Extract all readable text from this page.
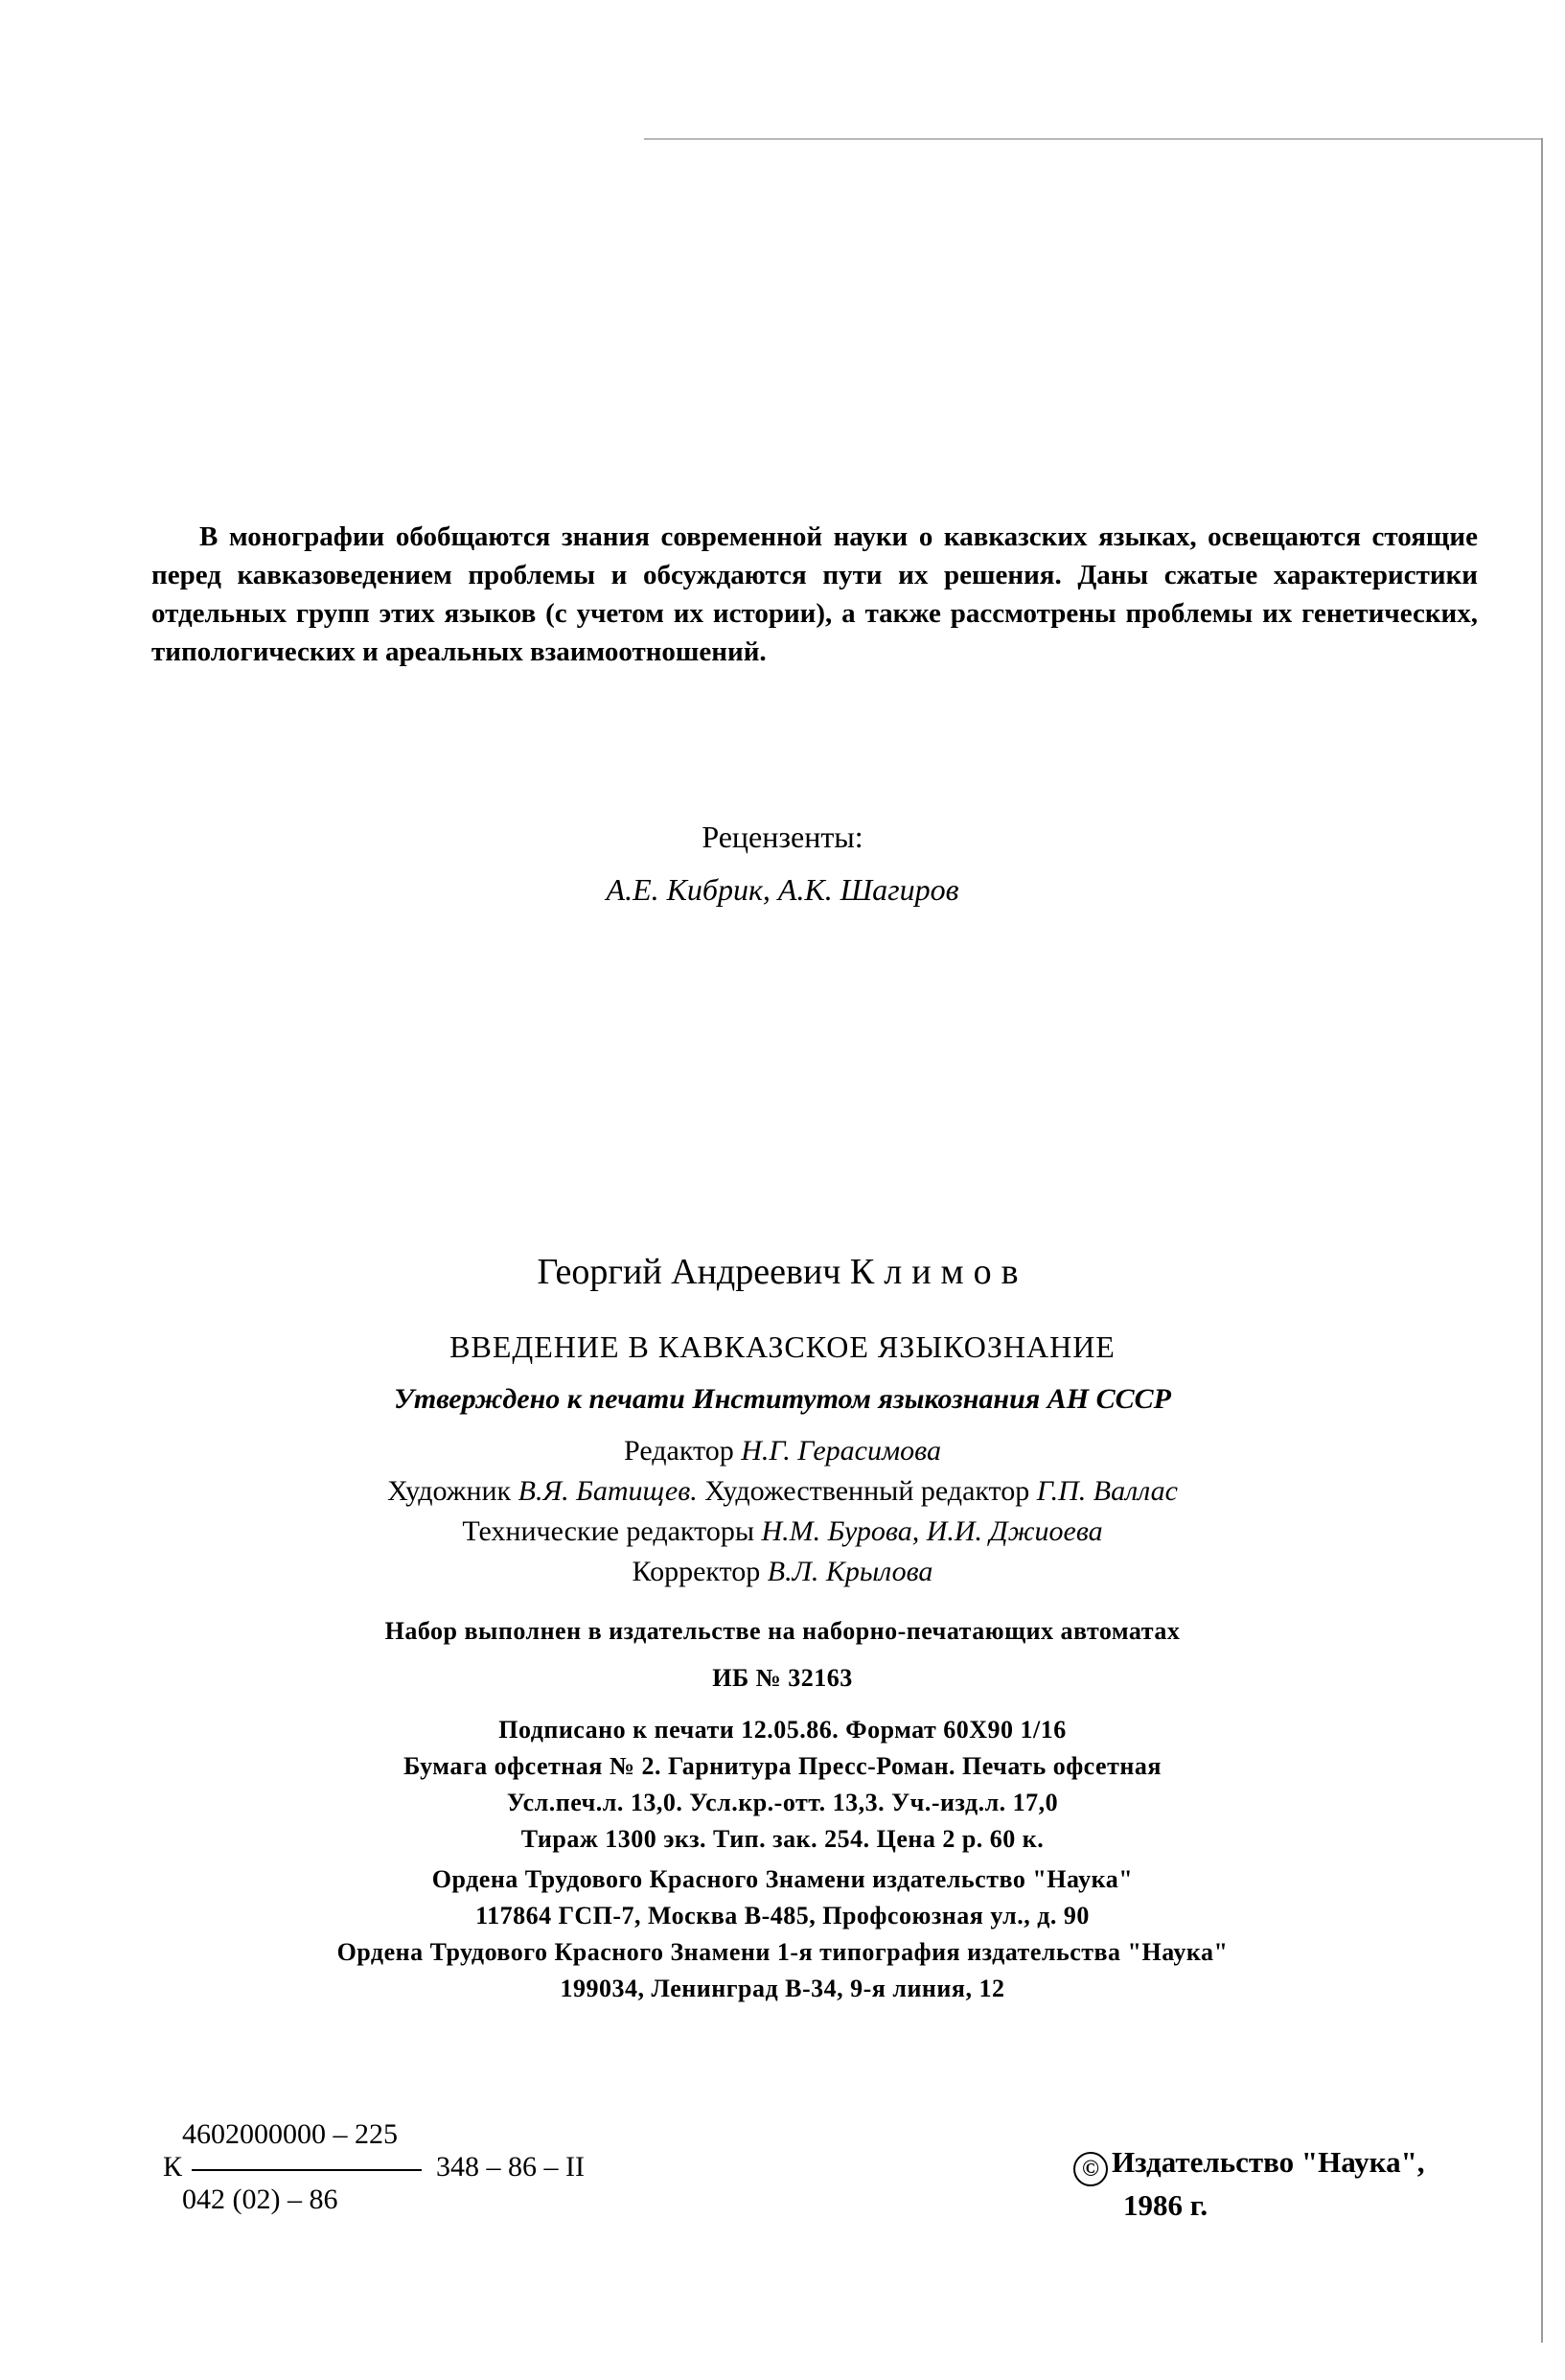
В монографии обобщаются знания современной науки о кавказских языках, освещаются стоящие перед кавказоведением проблемы и обсуждаются пути их решения. Даны сжатые характеристики отдельных групп этих языков (с учетом их истории), а также рассмотрены проблемы их генетических, типологических и ареальных взаимоотношений.

Рецензенты:
А.Е. Кибрик, А.К. Шагиров
Георгий Андреевич Климов
ВВЕДЕНИЕ В КАВКАЗСКОЕ ЯЗЫКОЗНАНИЕ
Утверждено к печати Институтом языкознания АН СССР
Редактор Н.Г. Герасимова
Художник В.Я. Батищев. Художественный редактор Г.П. Валлас
Технические редакторы Н.М. Бурова, И.И. Джиоева
Корректор В.Л. Крылова
Набор выполнен в издательстве на наборно-печатающих автоматах
ИБ № 32163
Подписано к печати 12.05.86. Формат 60Х90 1/16
Бумага офсетная № 2. Гарнитура Пресс-Роман. Печать офсетная
Усл.печ.л. 13,0. Усл.кр.-отт. 13,3. Уч.-изд.л. 17,0
Тираж 1300 экз. Тип. зак. 254. Цена 2 р. 60 к.
Ордена Трудового Красного Знамени издательство "Наука"
117864 ГСП-7, Москва В-485, Профсоюзная ул., д. 90
Ордена Трудового Красного Знамени 1-я типография издательства "Наука"
199034, Ленинград В-34, 9-я линия, 12
4602000000 – 225
К	348 – 86 – II
042 (02) – 86
© Издательство "Наука",
1986 г.
